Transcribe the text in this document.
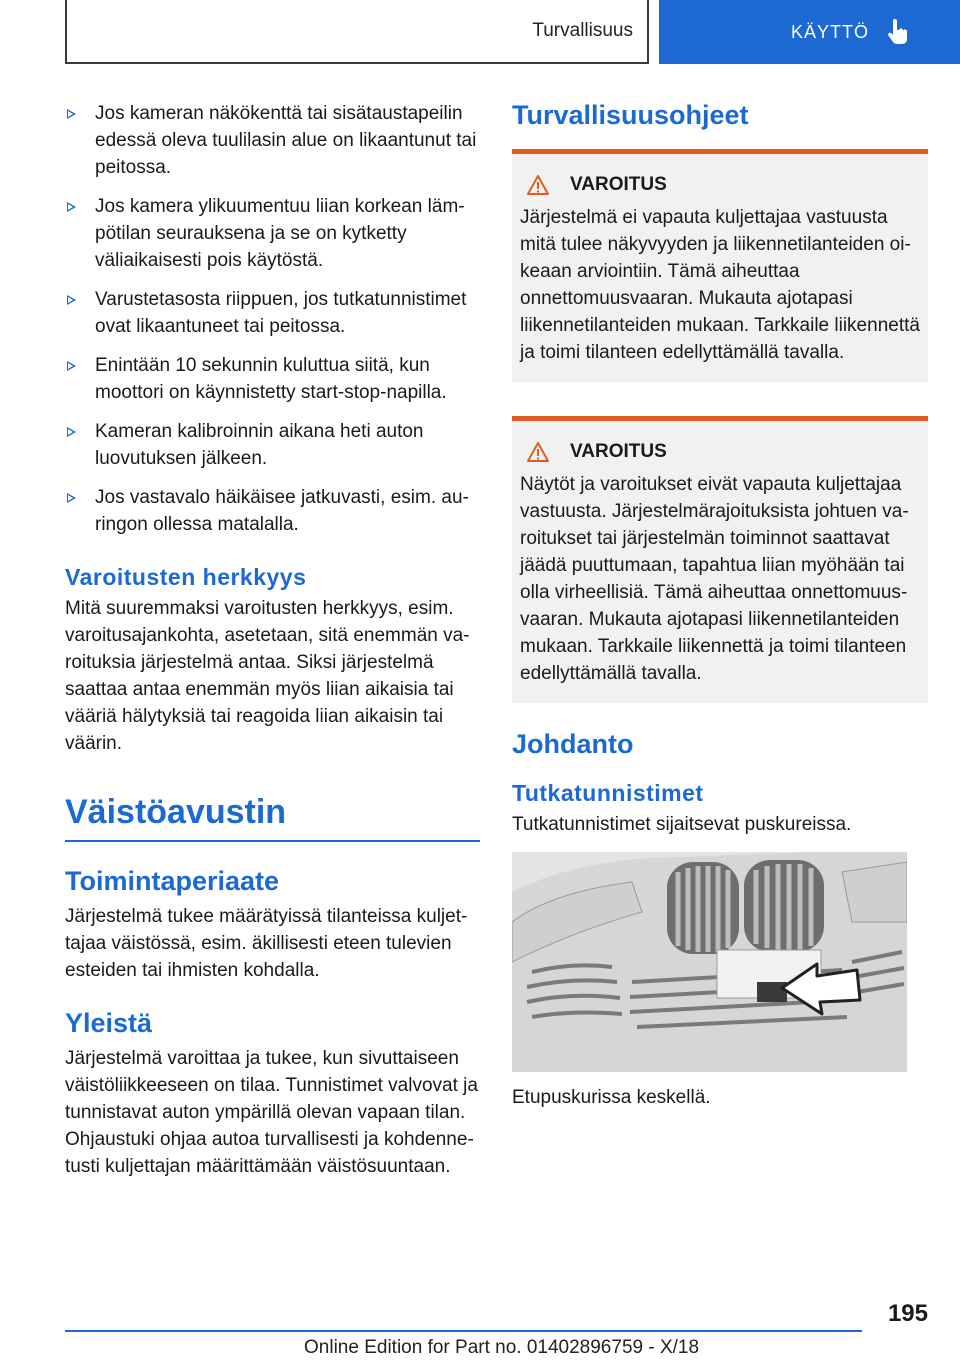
Turvallisuus	KÄYTTÖ
Jos kameran näkökenttä tai sisätaustapeilin edessä oleva tuulilasin alue on likaantunut tai peitossa.
Jos kamera ylikuumentuu liian korkean lämpötilan seurauksena ja se on kytketty väliaikaisesti pois käytöstä.
Varustetasosta riippuen, jos tutkatunnistimet ovat likaantuneet tai peitossa.
Enintään 10 sekunnin kuluttua siitä, kun moottori on käynnistetty start-stop-napilla.
Kameran kalibroinnin aikana heti auton luovutuksen jälkeen.
Jos vastavalo häikäisee jatkuvasti, esim. auringon ollessa matalalla.
Varoitusten herkkyys

Mitä suuremmaksi varoitusten herkkyys, esim. varoitusajankohta, asetetaan, sitä enemmän varoituksia järjestelmä antaa. Siksi järjestelmä saattaa antaa enemmän myös liian aikaisia tai vääriä hälytyksiä tai reagoida liian aikaisin tai väärin.

Väistöavustin
Toimintaperiaate

Järjestelmä tukee määrätyissä tilanteissa kuljettajaa väistössä, esim. äkillisesti eteen tulevien esteiden tai ihmisten kohdalla.

Yleistä

Järjestelmä varoittaa ja tukee, kun sivuttaiseen väistöliikkeeseen on tilaa. Tunnistimet valvovat ja tunnistavat auton ympärillä olevan vapaan tilan. Ohjaustuki ohjaa autoa turvallisesti ja kohdennetusti kuljettajan määrittämään väistösuuntaan.

Turvallisuusohjeet
VAROITUS

Järjestelmä ei vapauta kuljettajaa vastuusta mitä tulee näkyvyyden ja liikennetilanteiden oikeaan arviointiin. Tämä aiheuttaa onnettomuusvaaran. Mukauta ajotapasi liikennetilanteiden mukaan. Tarkkaile liikennettä ja toimi tilanteen edellyttämällä tavalla.

VAROITUS

Näytöt ja varoitukset eivät vapauta kuljettajaa vastuusta. Järjestelmärajoituksista johtuen varoitukset tai järjestelmän toiminnot saattavat jäädä puuttumaan, tapahtua liian myöhään tai olla virheellisiä. Tämä aiheuttaa onnettomuusvaaran. Mukauta ajotapasi liikennetilanteiden mukaan. Tarkkaile liikennettä ja toimi tilanteen edellyttämällä tavalla.

Johdanto
Tutkatunnistimet

Tutkatunnistimet sijaitsevat puskureissa.

Etupuskurissa keskellä.

195
Online Edition for Part no. 01402896759 - X/18
